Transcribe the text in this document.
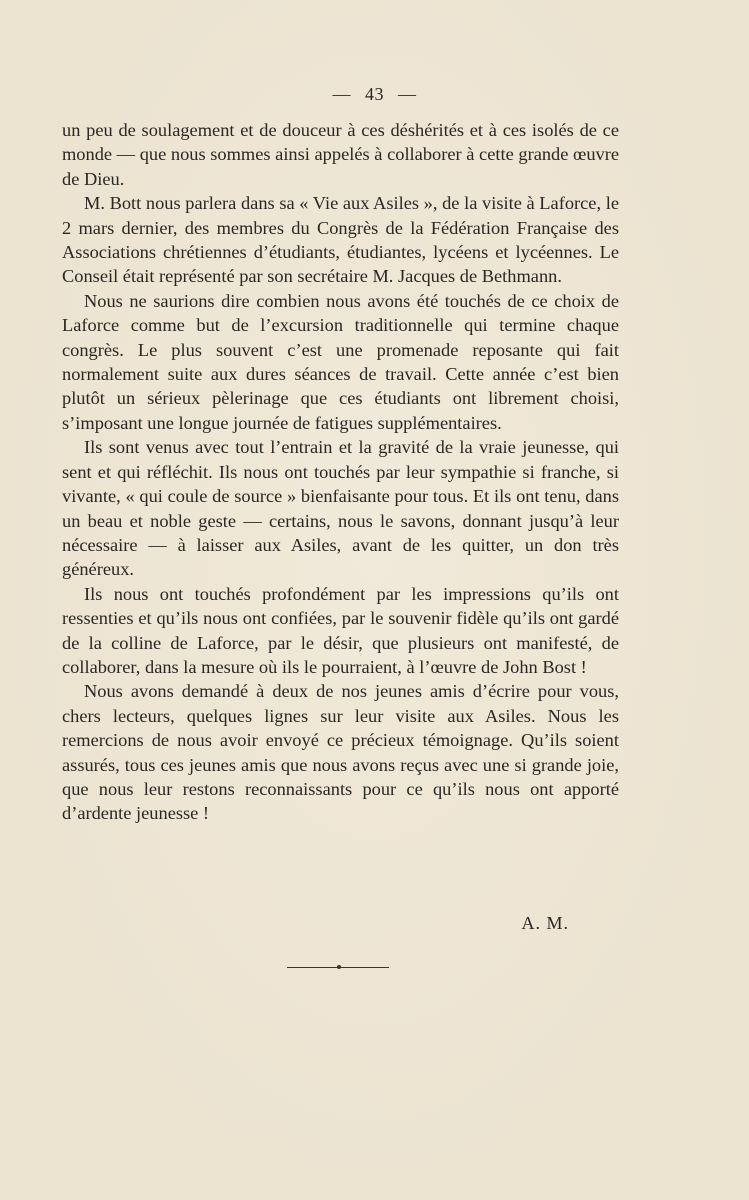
— 43 —

un peu de soulagement et de douceur à ces déshérités et à ces isolés de ce monde — que nous sommes ainsi appelés à collaborer à cette grande œuvre de Dieu.

M. Bott nous parlera dans sa « Vie aux Asiles », de la visite à Laforce, le 2 mars dernier, des membres du Congrès de la Fédération Française des Associations chrétiennes d’étudiants, étudiantes, lycéens et lycéennes. Le Conseil était représenté par son secrétaire M. Jacques de Bethmann.

Nous ne saurions dire combien nous avons été touchés de ce choix de Laforce comme but de l’excursion traditionnelle qui termine chaque congrès. Le plus souvent c’est une promenade reposante qui fait normalement suite aux dures séances de travail. Cette année c’est bien plutôt un sérieux pèlerinage que ces étudiants ont librement choisi, s’imposant une longue journée de fatigues supplémentaires.

Ils sont venus avec tout l’entrain et la gravité de la vraie jeunesse, qui sent et qui réfléchit. Ils nous ont touchés par leur sympathie si franche, si vivante, « qui coule de source » bienfaisante pour tous. Et ils ont tenu, dans un beau et noble geste — certains, nous le savons, donnant jusqu’à leur nécessaire — à laisser aux Asiles, avant de les quitter, un don très généreux.

Ils nous ont touchés profondément par les impressions qu’ils ont ressenties et qu’ils nous ont confiées, par le souvenir fidèle qu’ils ont gardé de la colline de Laforce, par le désir, que plusieurs ont manifesté, de collaborer, dans la mesure où ils le pourraient, à l’œuvre de John Bost !

Nous avons demandé à deux de nos jeunes amis d’écrire pour vous, chers lecteurs, quelques lignes sur leur visite aux Asiles. Nous les remercions de nous avoir envoyé ce précieux témoignage. Qu’ils soient assurés, tous ces jeunes amis que nous avons reçus avec une si grande joie, que nous leur restons reconnaissants pour ce qu’ils nous ont apporté d’ardente jeunesse !

A. M.
